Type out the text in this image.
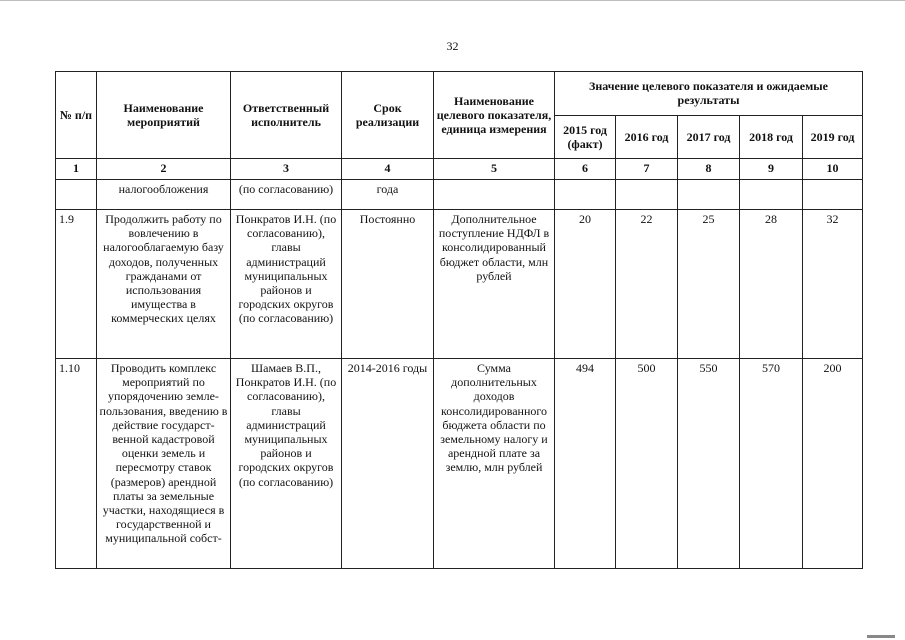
32
№ п/п	Наименование мероприятий	Ответственный исполнитель	Срок реализации	Наименование целевого показателя, единица измерения	Значение целевого показателя и ожидаемые результаты				
					2015 год (факт)	2016 год	2017 год	2018 год	2019 год
1	2	3	4	5	6	7	8	9	10
	налогообложения	(по согласованию)	года						
1.9	Продолжить работу по вовлечению в налогооблагаемую базу доходов, полученных гражданами от использования имущества в коммерческих целях	Понкратов И.Н. (по согласованию), главы администраций муниципальных районов и городских округов (по согласованию)	Постоянно	Дополнительное поступление НДФЛ в консолидированный бюджет области, млн рублей	20	22	25	28	32
1.10	Проводить комплекс мероприятий по упорядочению земле-пользования, введению в действие государст-венной кадастровой оценки земель и пересмотру ставок (размеров) арендной платы за земельные участки, находящиеся в государственной и муниципальной собст-	Шамаев В.П., Понкратов И.Н. (по согласованию), главы администраций муниципальных районов и городских округов (по согласованию)	2014-2016 годы	Сумма дополнительных доходов консолидированного бюджета области по земельному налогу и арендной плате за землю, млн рублей	494	500	550	570	200
